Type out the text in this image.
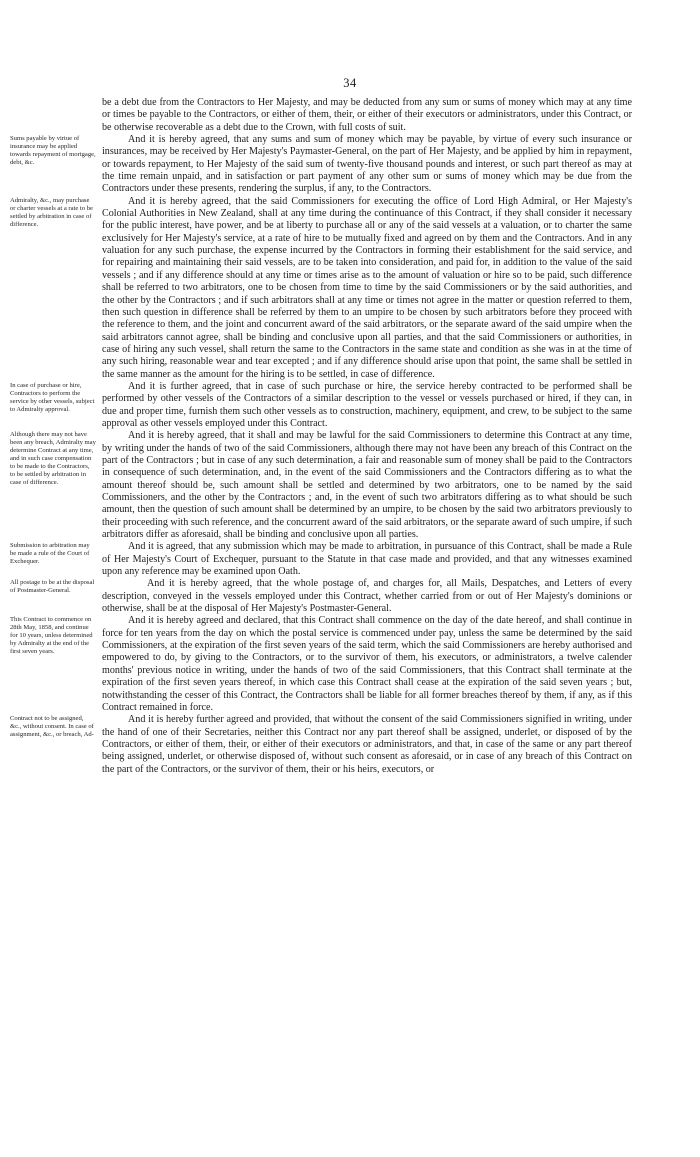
34
be a debt due from the Contractors to Her Majesty, and may be deducted from any sum or sums of money which may at any time or times be payable to the Contractors, or either of them, their, or either of their executors or administrators, under this Contract, or be otherwise recoverable as a debt due to the Crown, with full costs of suit.
Sums payable by virtue of insurance may be applied towards repayment of mortgage, debt, &c.
And it is hereby agreed, that any sums and sum of money which may be payable, by virtue of every such insurance or insurances, may be received by Her Majesty's Paymaster-General, on the part of Her Majesty, and be applied by him in repayment, or towards repayment, to Her Majesty of the said sum of twenty-five thousand pounds and interest, or such part thereof as may at the time remain unpaid, and in satisfaction or part payment of any other sum or sums of money which may be due from the Contractors under these presents, rendering the surplus, if any, to the Contractors.
Admiralty, &c., may purchase or charter vessels at a rate to be settled by arbitration in case of difference.
And it is hereby agreed, that the said Commissioners for executing the office of Lord High Admiral, or Her Majesty's Colonial Authorities in New Zealand, shall at any time during the continuance of this Contract, if they shall consider it necessary for the public interest, have power, and be at liberty to purchase all or any of the said vessels at a valuation, or to charter the same exclusively for Her Majesty's service, at a rate of hire to be mutually fixed and agreed on by them and the Contractors. And in any valuation for any such purchase, the expense incurred by the Contractors in forming their establishment for the said service, and for repairing and maintaining their said vessels, are to be taken into consideration, and paid for, in addition to the value of the said vessels ; and if any difference should at any time or times arise as to the amount of valuation or hire so to be paid, such difference shall be referred to two arbitrators, one to be chosen from time to time by the said Commissioners or by the said authorities, and the other by the Contractors ; and if such arbitrators shall at any time or times not agree in the matter or question referred to them, then such question in difference shall be referred by them to an umpire to be chosen by such arbitrators before they proceed with the reference to them, and the joint and concurrent award of the said arbitrators, or the separate award of the said umpire when the said arbitrators cannot agree, shall be binding and conclusive upon all parties, and that the said Commissioners or authorities, in case of hiring any such vessel, shall return the same to the Contractors in the same state and condition as she was in at the time of any such hiring, reasonable wear and tear excepted ; and if any difference should arise upon that point, the same shall be settled in the same manner as the amount for the hiring is to be settled, in case of difference.
In case of purchase or hire, Contractors to perform the service by other vessels, subject to Admiralty approval.
And it is further agreed, that in case of such purchase or hire, the service hereby contracted to be performed shall be performed by other vessels of the Contractors of a similar description to the vessel or vessels purchased or hired, if they can, in due and proper time, furnish them such other vessels as to construction, machinery, equipment, and crew, to be subject to the same approval as other vessels employed under this Contract.
Although there may not have been any breach, Admiralty may determine Contract at any time, and in such case compensation to be made to the Contractors, to be settled by arbitration in case of difference.
And it is hereby agreed, that it shall and may be lawful for the said Commissioners to determine this Contract at any time, by writing under the hands of two of the said Commissioners, although there may not have been any breach of this Contract on the part of the Contractors ; but in case of any such determination, a fair and reasonable sum of money shall be paid to the Contractors in consequence of such determination, and, in the event of the said Commissioners and the Contractors differing as to what the amount thereof should be, such amount shall be settled and determined by two arbitrators, one to be named by the said Commissioners, and the other by the Contractors ; and, in the event of such two arbitrators differing as to what should be such amount, then the question of such amount shall be determined by an umpire, to be chosen by the said two arbitrators previously to their proceeding with such reference, and the concurrent award of the said arbitrators, or the separate award of such umpire, if such arbitrators differ as aforesaid, shall be binding and conclusive upon all parties.
Submission to arbitration may be made a rule of the Court of Exchequer.
And it is agreed, that any submission which may be made to arbitration, in pursuance of this Contract, shall be made a Rule of Her Majesty's Court of Exchequer, pursuant to the Statute in that case made and provided, and that any witnesses examined upon any reference may be examined upon Oath.
All postage to be at the disposal of Postmaster-General.
And it is hereby agreed, that the whole postage of, and charges for, all Mails, Despatches, and Letters of every description, conveyed in the vessels employed under this Contract, whether carried from or out of Her Majesty's dominions or otherwise, shall be at the disposal of Her Majesty's Postmaster-General.
This Contract to commence on 28th May, 1858, and continue for 10 years, unless determined by Admiralty at the end of the first seven years.
And it is hereby agreed and declared, that this Contract shall commence on the day of the date hereof, and shall continue in force for ten years from the day on which the postal service is commenced under pay, unless the same be determined by the said Commissioners, at the expiration of the first seven years of the said term, which the said Commissioners are hereby authorised and empowered to do, by giving to the Contractors, or to the survivor of them, his executors, or administrators, a twelve calender months' previous notice in writing, under the hands of two of the said Commissioners, that this Contract shall terminate at the expiration of the first seven years thereof, in which case this Contract shall cease at the expiration of the said seven years ; but, notwithstanding the cesser of this Contract, the Contractors shall be liable for all former breaches thereof by them, if any, as if this Contract remained in force.
Contract not to be assigned, &c., without consent. In case of assignment, &c., or breach, Ad-
And it is hereby further agreed and provided, that without the consent of the said Commissioners signified in writing, under the hand of one of their Secretaries, neither this Contract nor any part thereof shall be assigned, underlet, or disposed of by the Contractors, or either of them, their, or either of their executors or administrators, and that, in case of the same or any part thereof being assigned, underlet, or otherwise disposed of, without such consent as aforesaid, or in case of any breach of this Contract on the part of the Contractors, or the survivor of them, their or his heirs, executors, or
